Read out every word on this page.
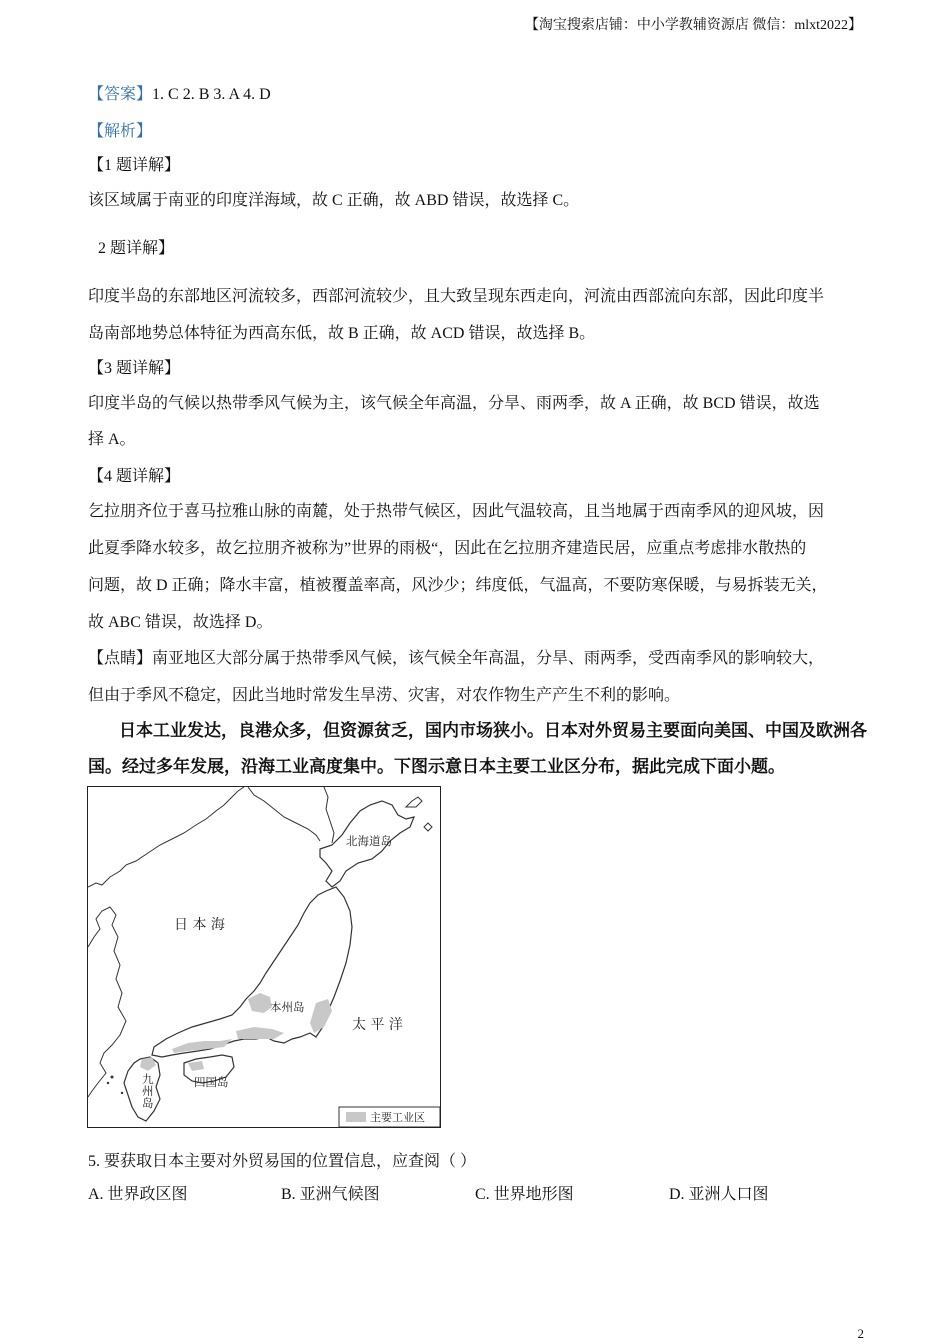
【淘宝搜索店铺：中小学教辅资源店 微信：mlxt2022】
【答案】1. C 2. B 3. A 4. D
【解析】
【1 题详解】
该区域属于南亚的印度洋海域，故 C 正确，故 ABD 错误，故选择 C。
2 题详解】
印度半岛的东部地区河流较多，西部河流较少，且大致呈现东西走向，河流由西部流向东部，因此印度半
岛南部地势总体特征为西高东低，故 B 正确，故 ACD 错误，故选择 B。
【3 题详解】
印度半岛的气候以热带季风气候为主，该气候全年高温，分旱、雨两季，故 A 正确，故 BCD 错误，故选
择 A。
【4 题详解】
乞拉朋齐位于喜马拉雅山脉的南麓，处于热带气候区，因此气温较高，且当地属于西南季风的迎风坡，因
此夏季降水较多，故乞拉朋齐被称为”世界的雨极“，因此在乞拉朋齐建造民居，应重点考虑排水散热的
问题，故 D 正确；降水丰富，植被覆盖率高，风沙少；纬度低，气温高，不要防寒保暖，与易拆装无关，
故 ABC 错误，故选择 D。
【点睛】南亚地区大部分属于热带季风气候，该气候全年高温，分旱、雨两季，受西南季风的影响较大，
但由于季风不稳定，因此当地时常发生旱涝、灾害，对农作物生产产生不利的影响。
日本工业发达，良港众多，但资源贫乏，国内市场狭小。日本对外贸易主要面向美国、中国及欧洲各
国。经过多年发展，沿海工业高度集中。下图示意日本主要工业区分布，据此完成下面小题。
北海道岛
日 本 海
本州岛
太 平 洋
四国岛
九
州
岛
主要工业区
5. 要获取日本主要对外贸易国的位置信息，应查阅（ ）
A. 世界政区图	B. 亚洲气候图	C. 世界地形图	D. 亚洲人口图
2
